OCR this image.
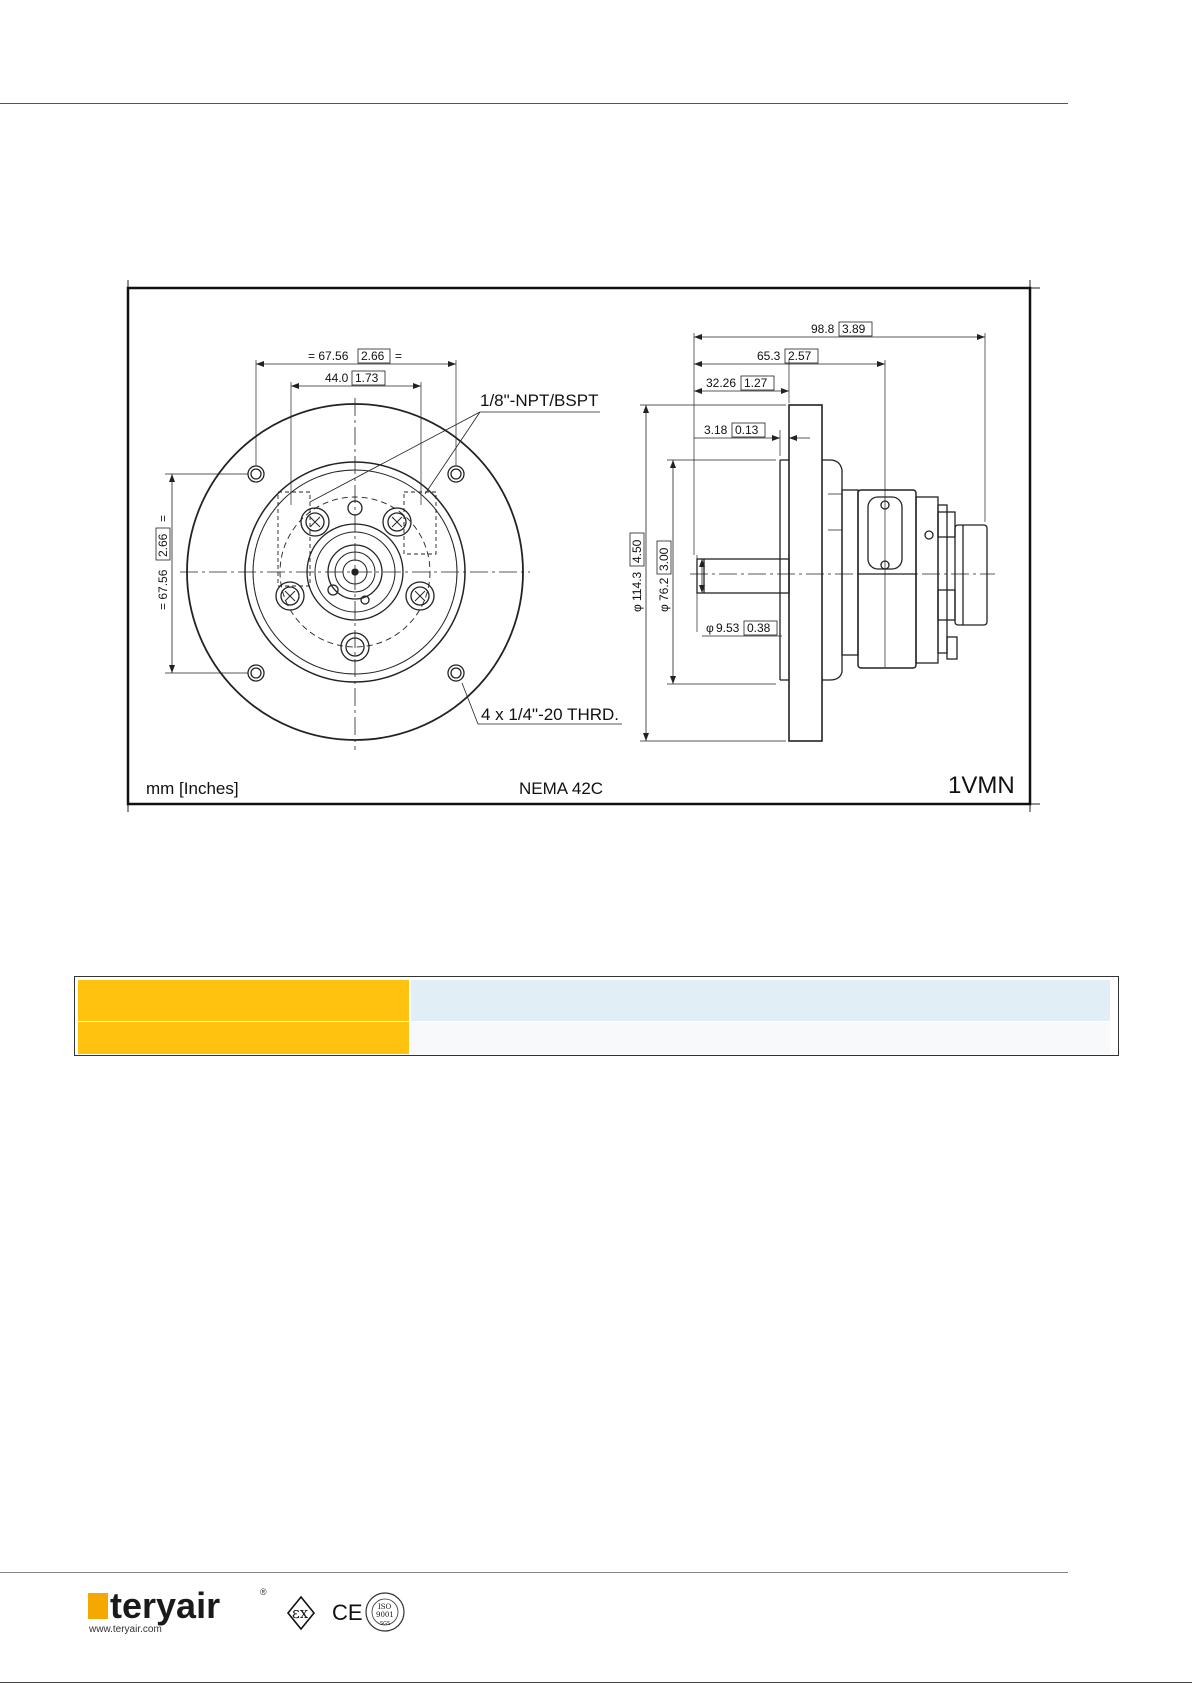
= 67.56 2.66 =
44.0 1.73
1/8"-NPT/BSPT
4 x 1/4"-20 THRD.
= 67.56
2.66
=
98.8 3.89
65.3 2.57
32.26 1.27
3.18 0.13
φ 9.53 0.38
φ
114.3
4.50
φ
76.2
3.00
mm [Inches]	NEMA 42C	1VMN
teryair	®
www.teryair.com
εx CE ISO
9001
SGS
